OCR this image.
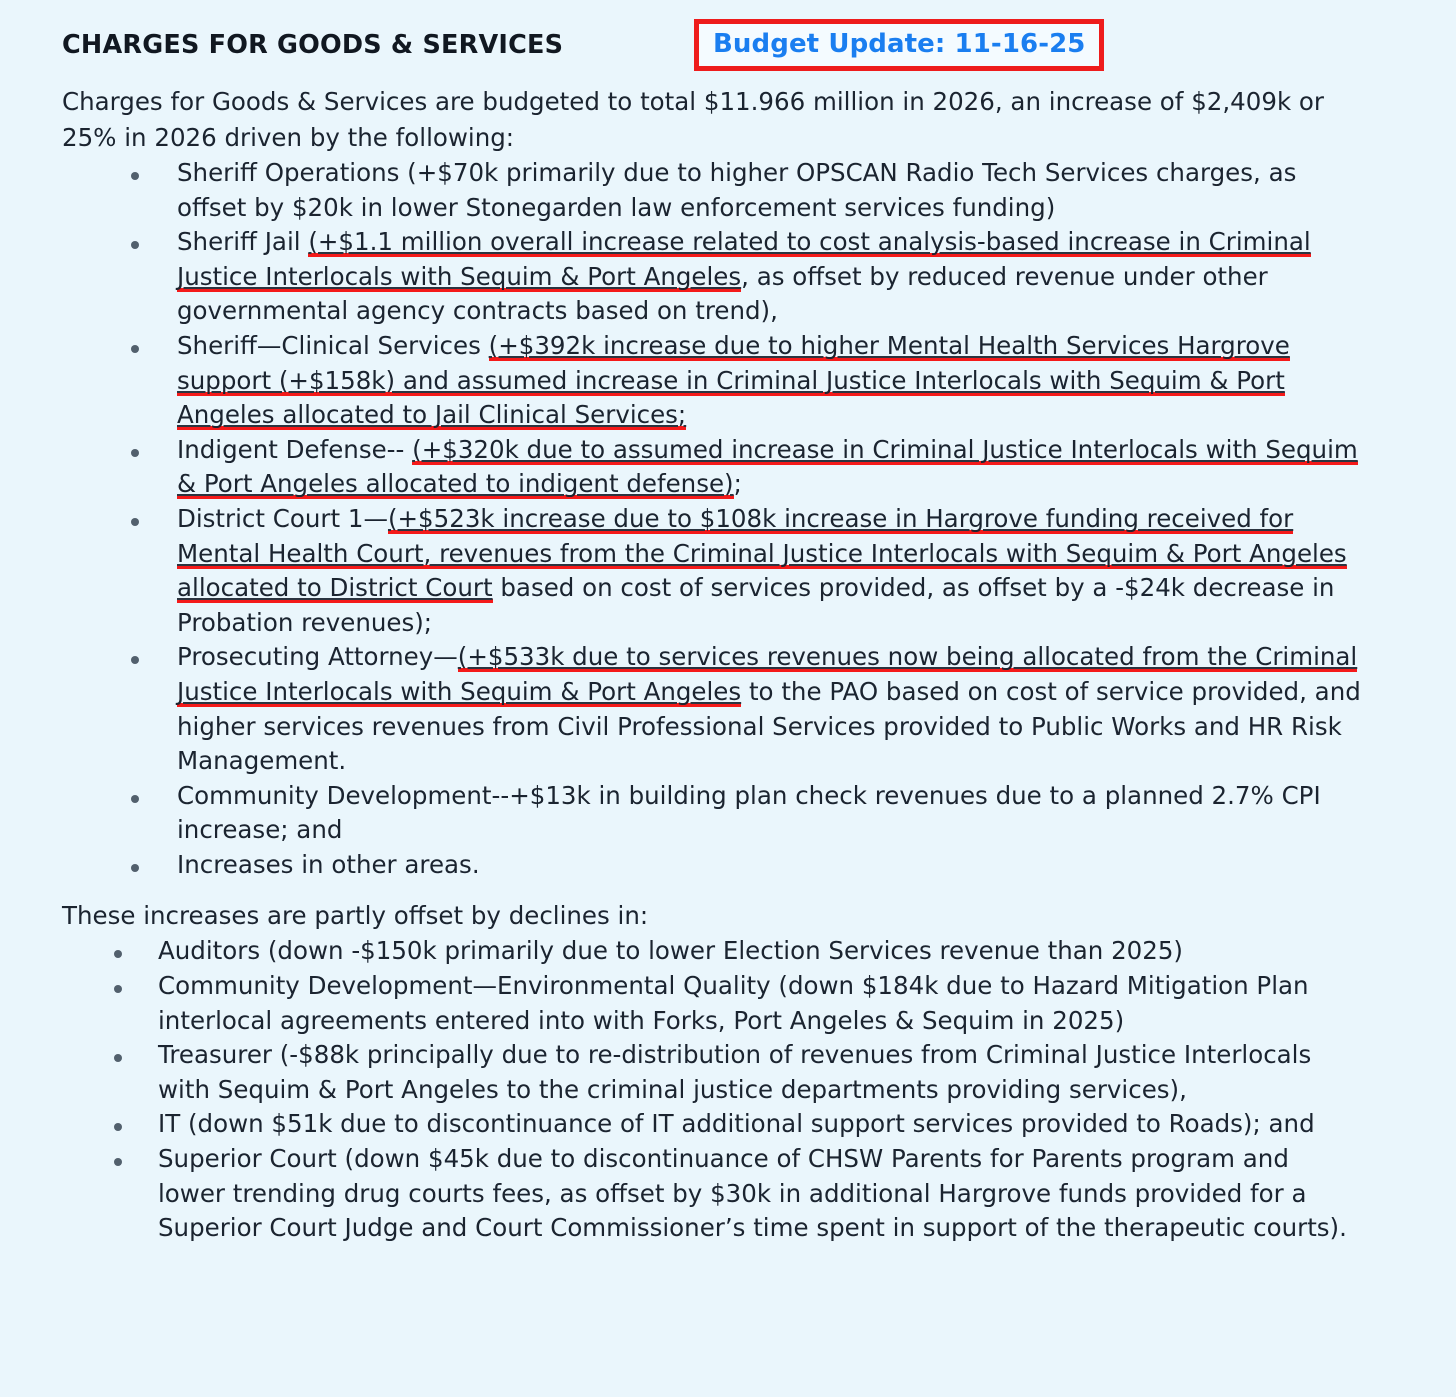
CHARGES FOR GOODS & SERVICES	Budget Update: 11-16-25

Charges for Goods & Services are budgeted to total $11.966 million in 2026, an increase of $2,409k or 25% in 2026 driven by the following:

Sheriff Operations (+$70k primarily due to higher OPSCAN Radio Tech Services charges, as offset by $20k in lower Stonegarden law enforcement services funding)
Sheriff Jail (+$1.1 million overall increase related to cost analysis-based increase in Criminal Justice Interlocals with Sequim & Port Angeles, as offset by reduced revenue under other governmental agency contracts based on trend),
Sheriff—Clinical Services (+$392k increase due to higher Mental Health Services Hargrove support (+$158k) and assumed increase in Criminal Justice Interlocals with Sequim & Port Angeles allocated to Jail Clinical Services;
Indigent Defense-- (+$320k due to assumed increase in Criminal Justice Interlocals with Sequim & Port Angeles allocated to indigent defense);
District Court 1—(+$523k increase due to $108k increase in Hargrove funding received for Mental Health Court, revenues from the Criminal Justice Interlocals with Sequim & Port Angeles allocated to District Court based on cost of services provided, as offset by a -$24k decrease in Probation revenues);
Prosecuting Attorney—(+$533k due to services revenues now being allocated from the Criminal Justice Interlocals with Sequim & Port Angeles to the PAO based on cost of service provided, and higher services revenues from Civil Professional Services provided to Public Works and HR Risk Management.
Community Development--+$13k in building plan check revenues due to a planned 2.7% CPI increase; and
Increases in other areas.

These increases are partly offset by declines in:

Auditors (down -$150k primarily due to lower Election Services revenue than 2025)
Community Development—Environmental Quality (down $184k due to Hazard Mitigation Plan interlocal agreements entered into with Forks, Port Angeles & Sequim in 2025)
Treasurer (-$88k principally due to re-distribution of revenues from Criminal Justice Interlocals with Sequim & Port Angeles to the criminal justice departments providing services),
IT (down $51k due to discontinuance of IT additional support services provided to Roads); and
Superior Court (down $45k due to discontinuance of CHSW Parents for Parents program and lower trending drug courts fees, as offset by $30k in additional Hargrove funds provided for a Superior Court Judge and Court Commissioner’s time spent in support of the therapeutic courts).
